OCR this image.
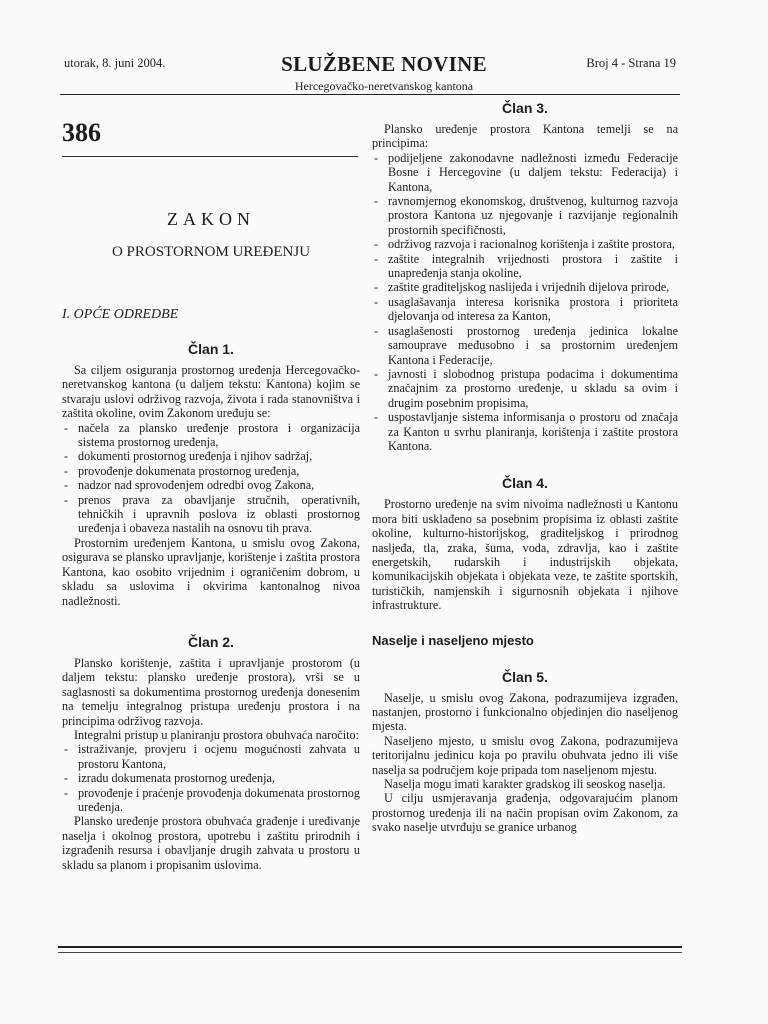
utorak, 8. juni 2004.	SLUŽBENE NOVINE	Broj 4 - Strana 19
Hercegovačko-neretvanskog kantona
386
ZAKON
O PROSTORNOM UREĐENJU
I. OPĆE ODREDBE
Član 1.

Sa ciljem osiguranja prostornog uređenja Hercegovačko-neretvanskog kantona (u daljem tekstu: Kantona) kojim se stvaraju uslovi održivog razvoja, života i rada stanovništva i zaštita okoline, ovim Zakonom uređuju se:

- načela za plansko uređenje prostora i organizacija sistema prostornog uređenja,
- dokumenti prostornog uređenja i njihov sadržaj,
- provođenje dokumenata prostornog uređenja,
- nadzor nad sprovođenjem odredbi ovog Zakona,
- prenos prava za obavljanje stručnih, operativnih, tehničkih i upravnih poslova iz oblasti prostornog uređenja i obaveza nastalih na osnovu tih prava.

Prostornim uređenjem Kantona, u smislu ovog Zakona, osigurava se plansko upravljanje, korištenje i zaštita prostora Kantona, kao osobito vrijednim i ograničenim dobrom, u skladu sa uslovima i okvirima kantonalnog nivoa nadležnosti.

Član 2.

Plansko korištenje, zaštita i upravljanje prostorom (u daljem tekstu: plansko uređenje prostora), vrši se u saglasnosti sa dokumentima prostornog uređenja donesenim na temelju integralnog pristupa uređenju prostora i na principima održivog razvoja.

Integralni pristup u planiranju prostora obuhvaća naročito:

- istraživanje, provjeru i ocjenu mogućnosti zahvata u prostoru Kantona,
- izradu dokumenata prostornog uređenja,
- provođenje i praćenje provođenja dokumenata prostornog uređenja.

Plansko uređenje prostora obuhvaća građenje i uređivanje naselja i okolnog prostora, upotrebu i zaštitu prirodnih i izgrađenih resursa i obavljanje drugih zahvata u prostoru u skladu sa planom i propisanim uslovima.

Član 3.

Plansko uređenje prostora Kantona temelji se na principima:

- podijeljene zakonodavne nadležnosti između Federacije Bosne i Hercegovine (u daljem tekstu: Federacija) i Kantona,
- ravnomjernog ekonomskog, društvenog, kulturnog razvoja prostora Kantona uz njegovanje i razvijanje regionalnih prostornih specifičnosti,
- održivog razvoja i racionalnog korištenja i zaštite prostora,
- zaštite integralnih vrijednosti prostora i zaštite i unapređenja stanja okoline,
- zaštite graditeljskog naslijeđa i vrijednih dijelova prirode,
- usaglašavanja interesa korisnika prostora i prioriteta djelovanja od interesa za Kanton,
- usaglašenosti prostornog uređenja jedinica lokalne samouprave međusobno i sa prostornim uređenjem Kantona i Federacije,
- javnosti i slobodnog pristupa podacima i dokumentima značajnim za prostorno uređenje, u skladu sa ovim i drugim posebnim propisima,
- uspostavljanje sistema informisanja o prostoru od značaja za Kanton u svrhu planiranja, korištenja i zaštite prostora Kantona.
Član 4.

Prostorno uređenje na svim nivoima nadležnosti u Kantonu mora biti usklađeno sa posebnim propisima iz oblasti zaštite okoline, kulturno-historijskog, graditeljskog i prirodnog nasljeđa, tla, zraka, šuma, voda, zdravlja, kao i zaštite energetskih, rudarskih i industrijskih objekata, komunikacijskih objekata i objekata veze, te zaštite sportskih, turističkih, namjenskih i sigurnosnih objekata i njihove infrastrukture.

Naselje i naseljeno mjesto
Član 5.

Naselje, u smislu ovog Zakona, podrazumijeva izgrađen, nastanjen, prostorno i funkcionalno objedinjen dio naseljenog mjesta.

Naseljeno mjesto, u smislu ovog Zakona, podrazumijeva teritorijalnu jedinicu koja po pravilu obuhvata jedno ili više naselja sa područjem koje pripada tom naseljenom mjestu.

Naselja mogu imati karakter gradskog ili seoskog naselja.

U cilju usmjeravanja građenja, odgovarajućim planom prostornog uređenja ili na način propisan ovim Zakonom, za svako naselje utvrđuju se granice urbanog
